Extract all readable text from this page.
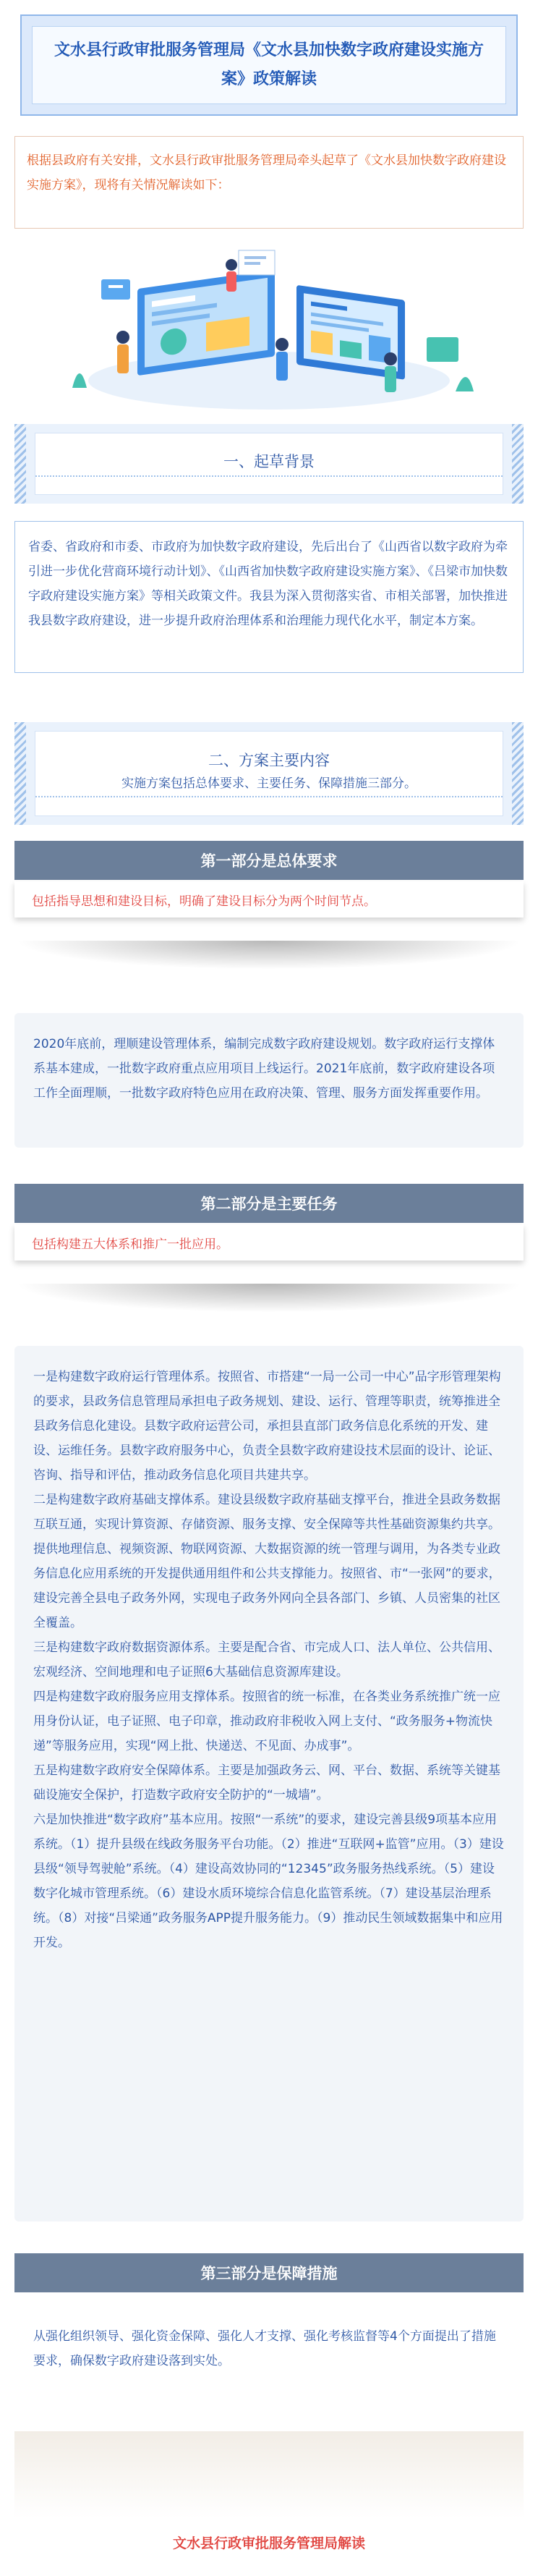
文水县行政审批服务管理局《文水县加快数字政府建设实施方案》政策解读

根据县政府有关安排，文水县行政审批服务管理局牵头起草了《文水县加快数字政府建设实施方案》，现将有关情况解读如下：

一、起草背景

省委、省政府和市委、市政府为加快数字政府建设，先后出台了《山西省以数字政府为牵引进一步优化营商环境行动计划》、《山西省加快数字政府建设实施方案》、《吕梁市加快数字政府建设实施方案》等相关政策文件。我县为深入贯彻落实省、市相关部署，加快推进我县数字政府建设，进一步提升政府治理体系和治理能力现代化水平，制定本方案。

二、方案主要内容
实施方案包括总体要求、主要任务、保障措施三部分。
第一部分是总体要求
包括指导思想和建设目标，明确了建设目标分为两个时间节点。

2020年底前，理顺建设管理体系，编制完成数字政府建设规划。数字政府运行支撑体系基本建成，一批数字政府重点应用项目上线运行。2021年底前，数字政府建设各项工作全面理顺，一批数字政府特色应用在政府决策、管理、服务方面发挥重要作用。

第二部分是主要任务
包括构建五大体系和推广一批应用。

一是构建数字政府运行管理体系。按照省、市搭建“一局一公司一中心”品字形管理架构的要求，县政务信息管理局承担电子政务规划、建设、运行、管理等职责，统筹推进全县政务信息化建设。县数字政府运营公司，承担县直部门政务信息化系统的开发、建设、运维任务。县数字政府服务中心，负责全县数字政府建设技术层面的设计、论证、咨询、指导和评估，推动政务信息化项目共建共享。

二是构建数字政府基础支撑体系。建设县级数字政府基础支撑平台，推进全县政务数据互联互通，实现计算资源、存储资源、服务支撑、安全保障等共性基础资源集约共享。提供地理信息、视频资源、物联网资源、大数据资源的统一管理与调用，为各类专业政务信息化应用系统的开发提供通用组件和公共支撑能力。按照省、市“一张网”的要求，建设完善全县电子政务外网，实现电子政务外网向全县各部门、乡镇、人员密集的社区全覆盖。

三是构建数字政府数据资源体系。主要是配合省、市完成人口、法人单位、公共信用、宏观经济、空间地理和电子证照6大基础信息资源库建设。

四是构建数字政府服务应用支撑体系。按照省的统一标准，在各类业务系统推广统一应用身份认证，电子证照、电子印章，推动政府非税收入网上支付、“政务服务+物流快递”等服务应用，实现“网上批、快递送、不见面、办成事”。

五是构建数字政府安全保障体系。主要是加强政务云、网、平台、数据、系统等关键基础设施安全保护，打造数字政府安全防护的“一城墙”。

六是加快推进“数字政府”基本应用。按照“一系统”的要求，建设完善县级9项基本应用系统。（1）提升县级在线政务服务平台功能。（2）推进“互联网+监管”应用。（3）建设县级“领导驾驶舱”系统。（4）建设高效协同的“12345”政务服务热线系统。（5）建设数字化城市管理系统。（6）建设水质环境综合信息化监管系统。（7）建设基层治理系统。（8）对接“吕梁通”政务服务APP提升服务能力。（9）推动民生领域数据集中和应用开发。

第三部分是保障措施

从强化组织领导、强化资金保障、强化人才支撑、强化考核监督等4个方面提出了措施要求，确保数字政府建设落到实处。

文水县行政审批服务管理局解读
